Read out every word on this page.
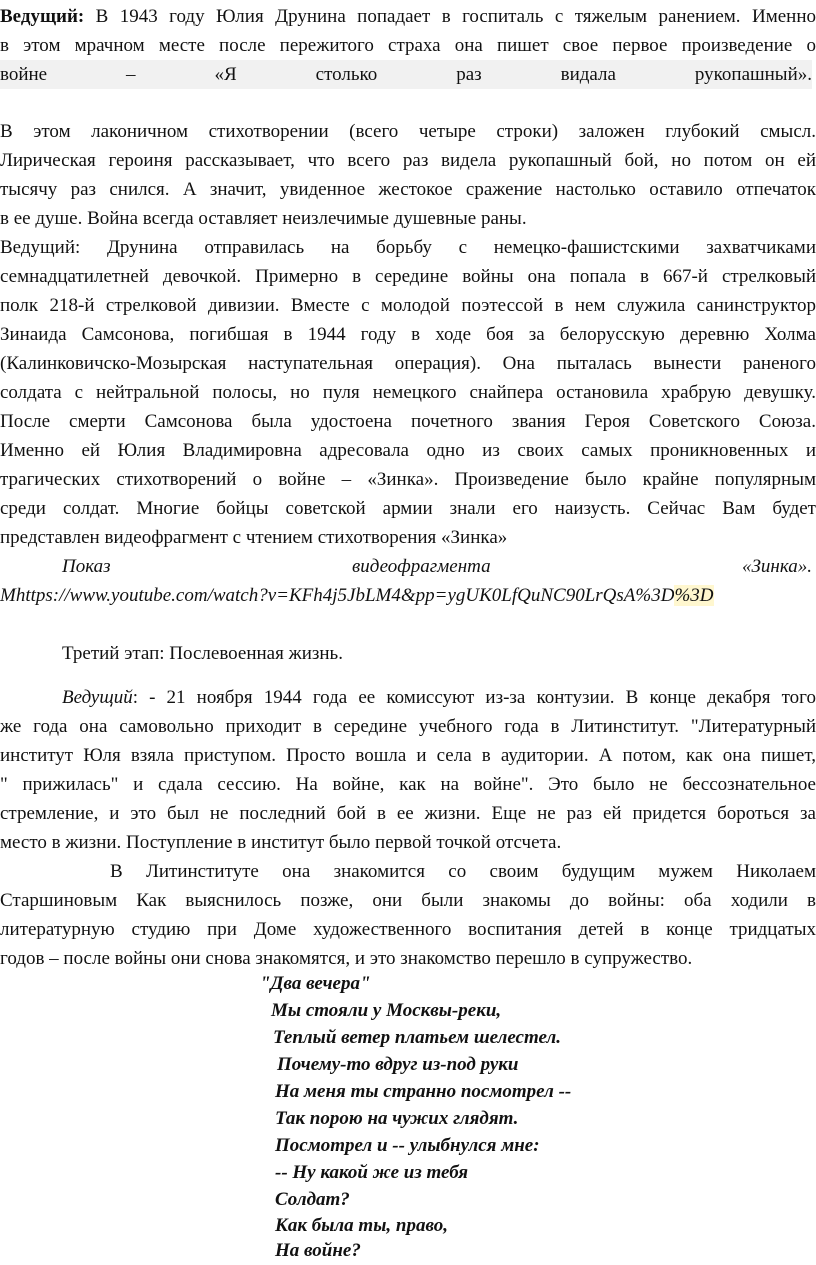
Ведущий: В 1943 году Юлия Друнина попадает в госпиталь с тяжелым ранением. Именно
в этом мрачном месте после пережитого страха она пишет свое первое произведение о
войне – «Я столько раз видала рукопашный».
В этом лаконичном стихотворении (всего четыре строки) заложен глубокий смысл.
Лирическая героиня рассказывает, что всего раз видела рукопашный бой, но потом он ей
тысячу раз снился. А значит, увиденное жестокое сражение настолько оставило отпечаток
в ее душе. Война всегда оставляет неизлечимые душевные раны.
Ведущий: Друнина отправилась на борьбу с немецко-фашистскими захватчиками
семнадцатилетней девочкой. Примерно в середине войны она попала в 667-й стрелковый
полк 218-й стрелковой дивизии. Вместе с молодой поэтессой в нем служила санинструктор
Зинаида Самсонова, погибшая в 1944 году в ходе боя за белорусскую деревню Холма
(Калинковичско-Мозырская наступательная операция). Она пыталась вынести раненого
солдата с нейтральной полосы, но пуля немецкого снайпера остановила храбрую девушку.
После смерти Самсонова была удостоена почетного звания Героя Советского Союза.
Именно ей Юлия Владимировна адресовала одно из своих самых проникновенных и
трагических стихотворений о войне – «Зинка». Произведение было крайне популярным
среди солдат. Многие бойцы советской армии знали его наизусть. Сейчас Вам будет
представлен видеофрагмент с чтением стихотворения «Зинка»
Показ	видеофрагмента	«Зинка».
Mhttps://www.youtube.com/watch?v=KFh4j5JbLM4&pp=ygUK0LfQuNC90LrQsA%3D%3D
Третий этап: Послевоенная жизнь.
Ведущий: - 21 ноября 1944 года ее комиссуют из-за контузии. В конце декабря того
же года она самовольно приходит в середине учебного года в Литинститут. "Литературный
институт Юля взяла приступом. Просто вошла и села в аудитории. А потом, как она пишет,
" прижилась" и сдала сессию. На войне, как на войне". Это было не бессознательное
стремление, и это был не последний бой в ее жизни. Еще не раз ей придется бороться за
место в жизни. Поступление в институт было первой точкой отсчета.
В Литинституте она знакомится со своим будущим мужем Николаем
Старшиновым Как выяснилось позже, они были знакомы до войны: оба ходили в
литературную студию при Доме художественного воспитания детей в конце тридцатых
годов – после войны они снова знакомятся, и это знакомство перешло в супружество.
"Два вечера"
Мы стояли у Москвы-реки,
Теплый ветер платьем шелестел.
Почему-то вдруг из-под руки
На меня ты странно посмотрел --
Так порою на чужих глядят.
Посмотрел и -- улыбнулся мне:
-- Ну какой же из тебя
Солдат?
Как была ты, право,
На войне?
